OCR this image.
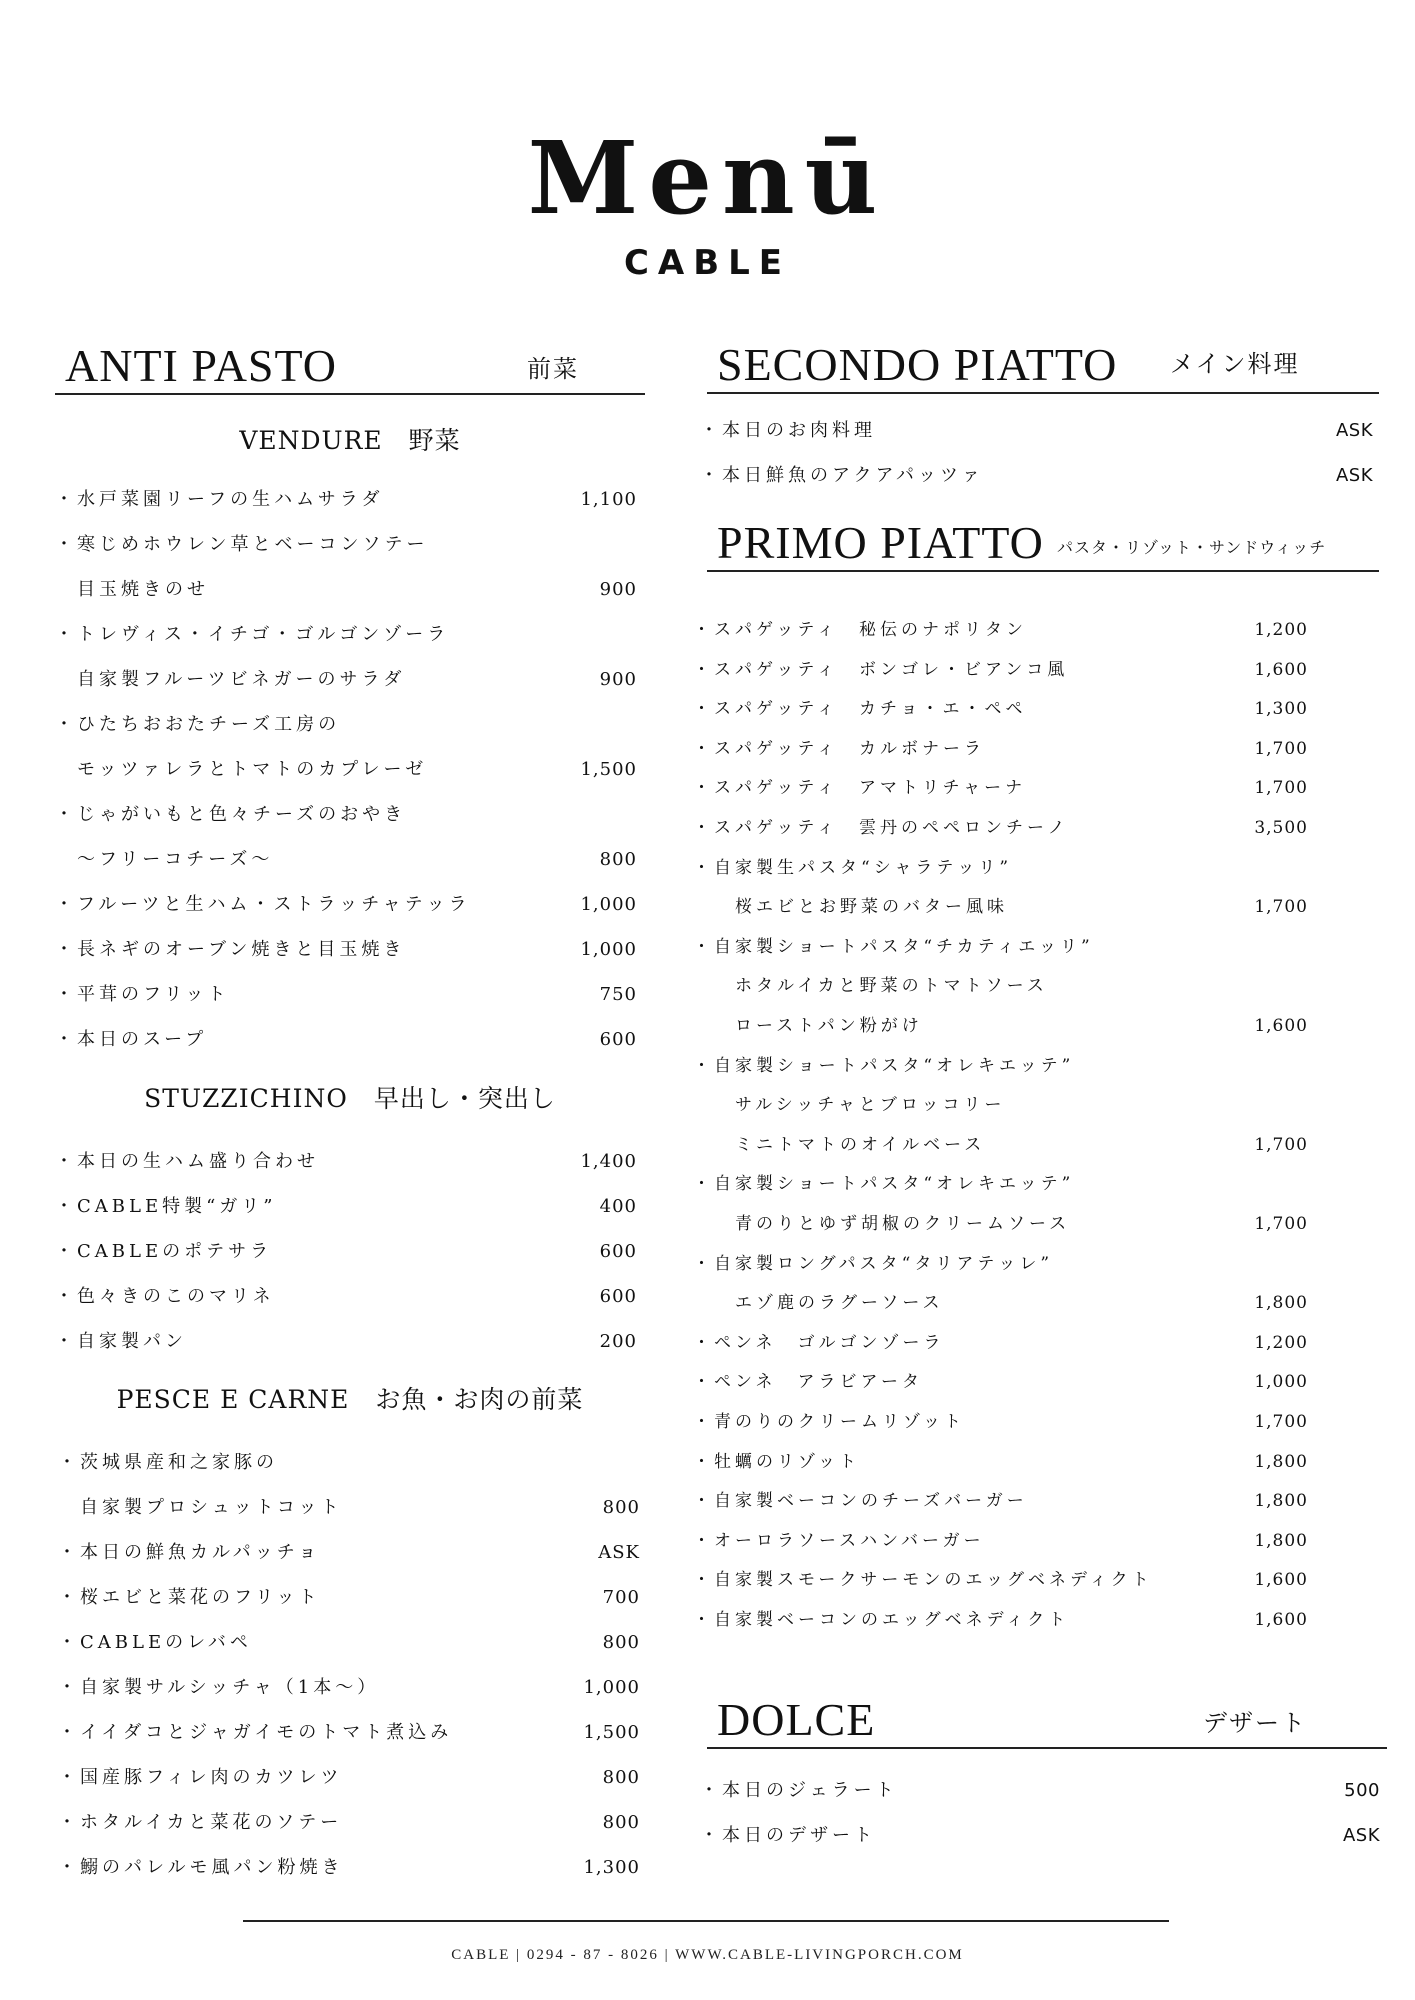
Menū
CABLE
ANTI PASTO	前菜
VENDURE　野菜
・水戸菜園リーフの生ハムサラダ	1,100
・寒じめホウレン草とベーコンソテー
　目玉焼きのせ	900
・トレヴィス・イチゴ・ゴルゴンゾーラ
　自家製フルーツビネガーのサラダ	900
・ひたちおおたチーズ工房の
　モッツァレラとトマトのカプレーゼ	1,500
・じゃがいもと色々チーズのおやき
　～フリーコチーズ～	800
・フルーツと生ハム・ストラッチャテッラ	1,000
・長ネギのオーブン焼きと目玉焼き	1,000
・平茸のフリット	750
・本日のスープ	600
STUZZICHINO　早出し・突出し
・本日の生ハム盛り合わせ	1,400
・CABLE特製“ガリ”	400
・CABLEのポテサラ	600
・色々きのこのマリネ	600
・自家製パン	200
PESCE E CARNE　お魚・お肉の前菜
・茨城県産和之家豚の
　自家製プロシュットコット	800
・本日の鮮魚カルパッチョ	ASK
・桜エビと菜花のフリット	700
・CABLEのレバペ	800
・自家製サルシッチャ（1本～）	1,000
・イイダコとジャガイモのトマト煮込み	1,500
・国産豚フィレ肉のカツレツ	800
・ホタルイカと菜花のソテー	800
・鰯のパレルモ風パン粉焼き	1,300
SECONDO PIATTO メイン料理
・本日のお肉料理	ASK
・本日鮮魚のアクアパッツァ	ASK
PRIMO PIATTO パスタ・リゾット・サンドウィッチ
・スパゲッティ　秘伝のナポリタン	1,200
・スパゲッティ　ボンゴレ・ビアンコ風	1,600
・スパゲッティ　カチョ・エ・ペペ	1,300
・スパゲッティ　カルボナーラ	1,700
・スパゲッティ　アマトリチャーナ	1,700
・スパゲッティ　雲丹のペペロンチーノ	3,500
・自家製生パスタ“シャラテッリ”
　　桜エビとお野菜のバター風味	1,700
・自家製ショートパスタ“チカティエッリ”
　　ホタルイカと野菜のトマトソース
　　ローストパン粉がけ	1,600
・自家製ショートパスタ“オレキエッテ”
　　サルシッチャとブロッコリー
　　ミニトマトのオイルベース	1,700
・自家製ショートパスタ“オレキエッテ”
　　青のりとゆず胡椒のクリームソース	1,700
・自家製ロングパスタ“タリアテッレ”
　　エゾ鹿のラグーソース	1,800
・ペンネ　ゴルゴンゾーラ	1,200
・ペンネ　アラビアータ	1,000
・青のりのクリームリゾット	1,700
・牡蠣のリゾット	1,800
・自家製ベーコンのチーズバーガー	1,800
・オーロラソースハンバーガー	1,800
・自家製スモークサーモンのエッグベネディクト	1,600
・自家製ベーコンのエッグベネディクト	1,600
DOLCE	デザート
・本日のジェラート	500
・本日のデザート	ASK
CABLE | 0294 - 87 - 8026 | WWW.CABLE-LIVINGPORCH.COM
